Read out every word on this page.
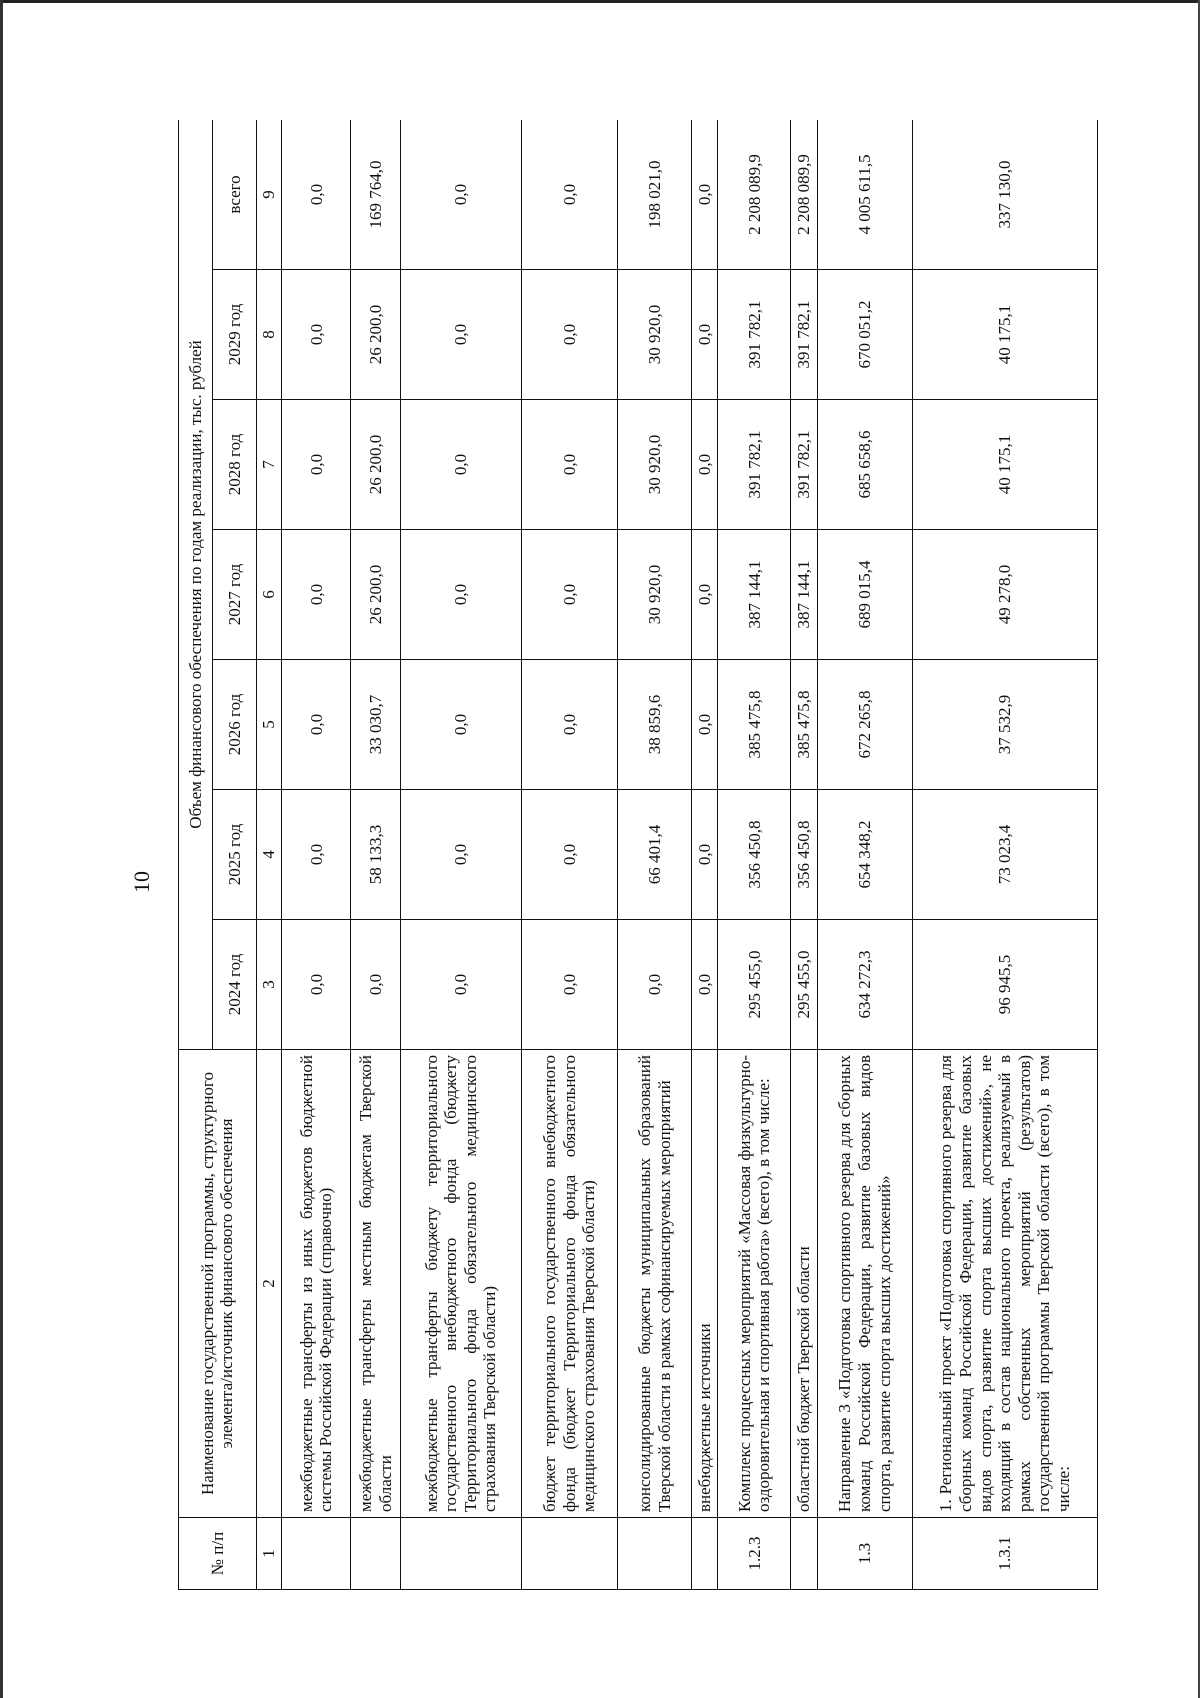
10
№ п/п	Наименование государственной программы, структурного элемента/источник финансового обеспечения	Объем финансового обеспечения по годам реализации, тыс. рублей						
		2024 год	2025 год	2026 год	2027 год	2028 год	2029 год	всего
1	2	3	4	5	6	7	8	9
	межбюджетные трансферты из иных бюджетов бюджетной системы Российской Федерации (справочно)	0,0	0,0	0,0	0,0	0,0	0,0	0,0
	межбюджетные трансферты местным бюджетам Тверской области	0,0	58 133,3	33 030,7	26 200,0	26 200,0	26 200,0	169 764,0
	межбюджетные трансферты бюджету территориального государственного внебюджетного фонда (бюджету Территориального фонда обязательного медицинского страхования Тверской области)	0,0	0,0	0,0	0,0	0,0	0,0	0,0
	бюджет территориального государственного внебюджетного фонда (бюджет Территориального фонда обязательного медицинского страхования Тверской области)	0,0	0,0	0,0	0,0	0,0	0,0	0,0
	консолидированные бюджеты муниципальных образований Тверской области в рамках софинансируемых мероприятий	0,0	66 401,4	38 859,6	30 920,0	30 920,0	30 920,0	198 021,0
	внебюджетные источники	0,0	0,0	0,0	0,0	0,0	0,0	0,0
1.2.3	Комплекс процессных мероприятий «Массовая физкультурно-оздоровительная и спортивная работа» (всего), в том числе:	295 455,0	356 450,8	385 475,8	387 144,1	391 782,1	391 782,1	2 208 089,9
	областной бюджет Тверской области	295 455,0	356 450,8	385 475,8	387 144,1	391 782,1	391 782,1	2 208 089,9
1.3	Направление 3 «Подготовка спортивного резерва для сборных команд Российской Федерации, развитие базовых видов спорта, развитие спорта высших достижений»	634 272,3	654 348,2	672 265,8	689 015,4	685 658,6	670 051,2	4 005 611,5
1.3.1	1. Региональный проект «Подготовка спортивного резерва для сборных команд Российской Федерации, развитие базовых видов спорта, развитие спорта высших достижений», не входящий в состав национального проекта, реализуемый в рамках собственных мероприятий (результатов) государственной программы Тверской области (всего), в том числе:	96 945,5	73 023,4	37 532,9	49 278,0	40 175,1	40 175,1	337 130,0
